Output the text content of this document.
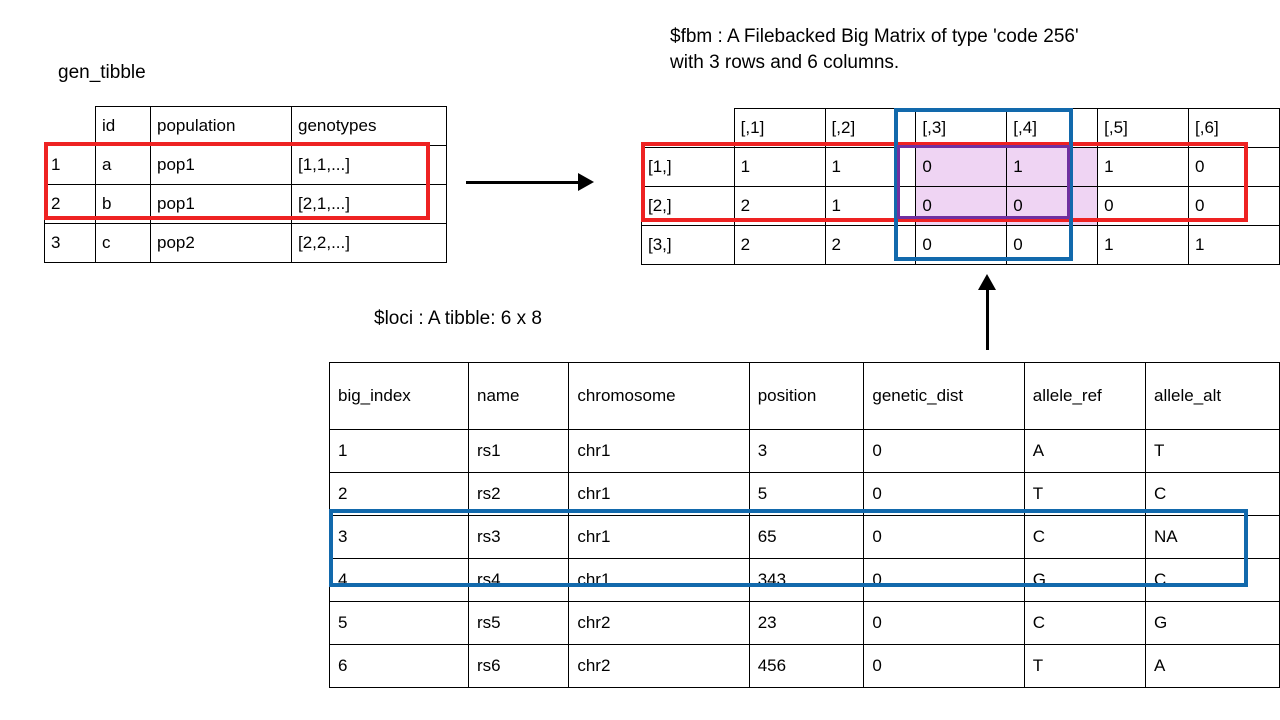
gen_tibble
	id	population	genotypes
1	a	pop1	[1,1,...]
2	b	pop1	[2,1,...]
3	c	pop2	[2,2,...]
$fbm : A Filebacked Big Matrix of type 'code 256'
with 3 rows and 6 columns.
	[,1]	[,2]	[,3]	[,4]	[,5]	[,6]
[1,]	1	1	0	1	1	0
[2,]	2	1	0	0	0	0
[3,]	2	2	0	0	1	1
$loci : A tibble: 6 x 8
big_index	name	chromosome	position	genetic_dist	allele_ref	allele_alt
1	rs1	chr1	3	0	A	T
2	rs2	chr1	5	0	T	C
3	rs3	chr1	65	0	C	NA
4	rs4	chr1	343	0	G	C
5	rs5	chr2	23	0	C	G
6	rs6	chr2	456	0	T	A
